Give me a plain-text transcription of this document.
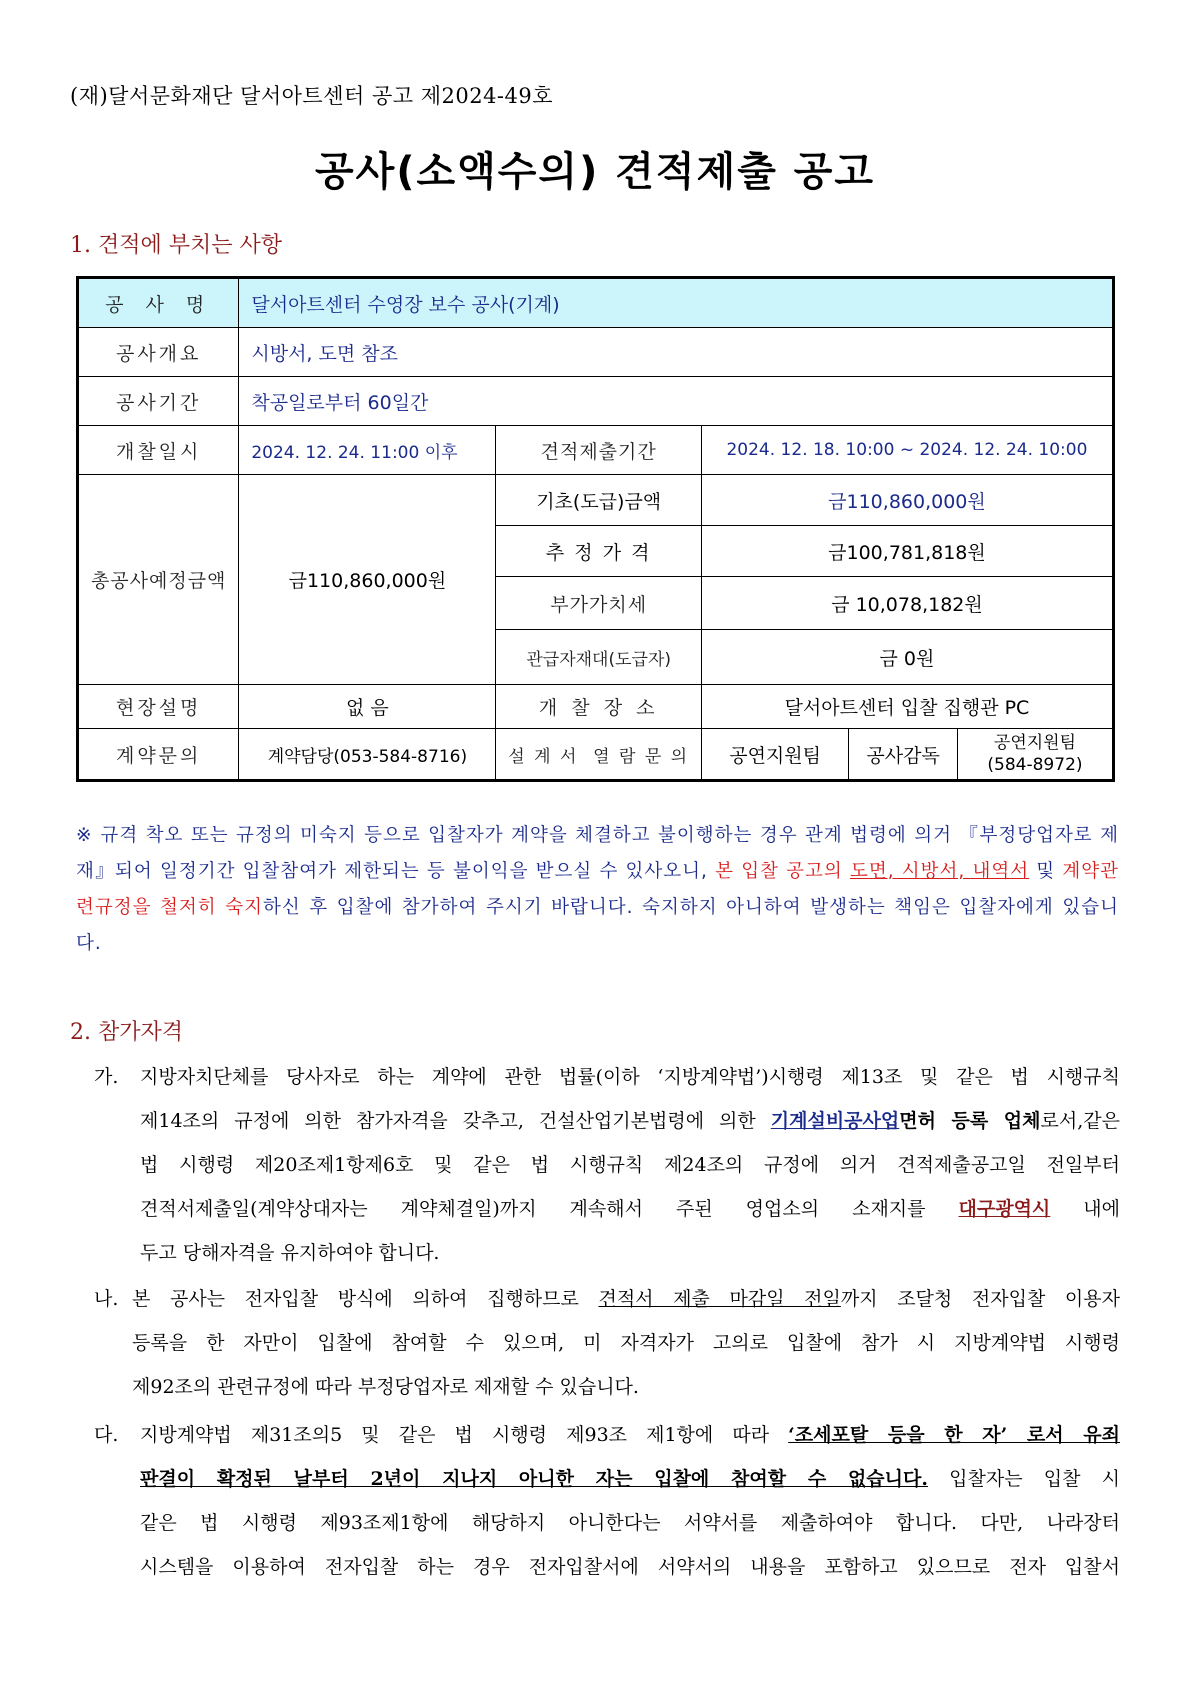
(재)달서문화재단 달서아트센터 공고 제2024-49호
공사(소액수의) 견적제출 공고
1. 견적에 부치는 사항
공 사 명	달서아트센터 수영장 보수 공사(기계)				
공사개요	시방서, 도면 참조				
공사기간	착공일로부터 60일간				
개찰일시	2024. 12. 24. 11:00 이후	견적제출기간	2024. 12. 18. 10:00 ~ 2024. 12. 24. 10:00		
총공사예정금액	금110,860,000원	기초(도급)금액	금110,860,000원		
		추 정 가 격	금100,781,818원		
		부가가치세	금 10,078,182원		
		관급자재대(도급자)	금 0원		
현장설명	없 음	개 찰 장 소	달서아트센터 입찰 집행관 PC		
계약문의	계약담당(053-584-8716)	설 계 서  열 람 문 의	공연지원팀	공사감독	공연지원팀
(584-8972)
※ 규격 착오 또는 규정의 미숙지 등으로 입찰자가 계약을 체결하고 불이행하는 경우 관계 법령에 의거 『부정당업자로 제재』되어 일정기간 입찰참여가 제한되는 등 불이익을 받으실 수 있사오니, 본 입찰 공고의 도면, 시방서, 내역서 및 계약관련규정을 철저히 숙지하신 후 입찰에 참가하여 주시기 바랍니다. 숙지하지 아니하여 발생하는 책임은 입찰자에게 있습니다.
2. 참가자격
가. 지방자치단체를 당사자로 하는 계약에 관한 법률(이하 ‘지방계약법’)시행령 제13조 및 같은 법 시행규칙
제14조의 규정에 의한 참가자격을 갖추고, 건설산업기본법령에 의한 기계설비공사업면허 등록 업체로서,같은
법 시행령 제20조제1항제6호 및 같은 법 시행규칙 제24조의 규정에 의거 견적제출공고일 전일부터
견적서제출일(계약상대자는 계약체결일)까지 계속해서 주된 영업소의 소재지를 대구광역시 내에
두고 당해자격을 유지하여야 합니다.
나. 본 공사는 전자입찰 방식에 의하여 집행하므로 견적서 제출 마감일 전일까지 조달청 전자입찰 이용자
등록을 한 자만이 입찰에 참여할 수 있으며, 미 자격자가 고의로 입찰에 참가 시 지방계약법 시행령
제92조의 관련규정에 따라 부정당업자로 제재할 수 있습니다.
다. 지방계약법 제31조의5 및 같은 법 시행령 제93조 제1항에 따라 ‘조세포탈 등을 한 자’ 로서 유죄
판결이 확정된 날부터 2년이 지나지 아니한 자는 입찰에 참여할 수 없습니다. 입찰자는 입찰 시
같은 법 시행령 제93조제1항에 해당하지 아니한다는 서약서를 제출하여야 합니다. 다만, 나라장터
시스템을 이용하여 전자입찰 하는 경우 전자입찰서에 서약서의 내용을 포함하고 있으므로 전자 입찰서
